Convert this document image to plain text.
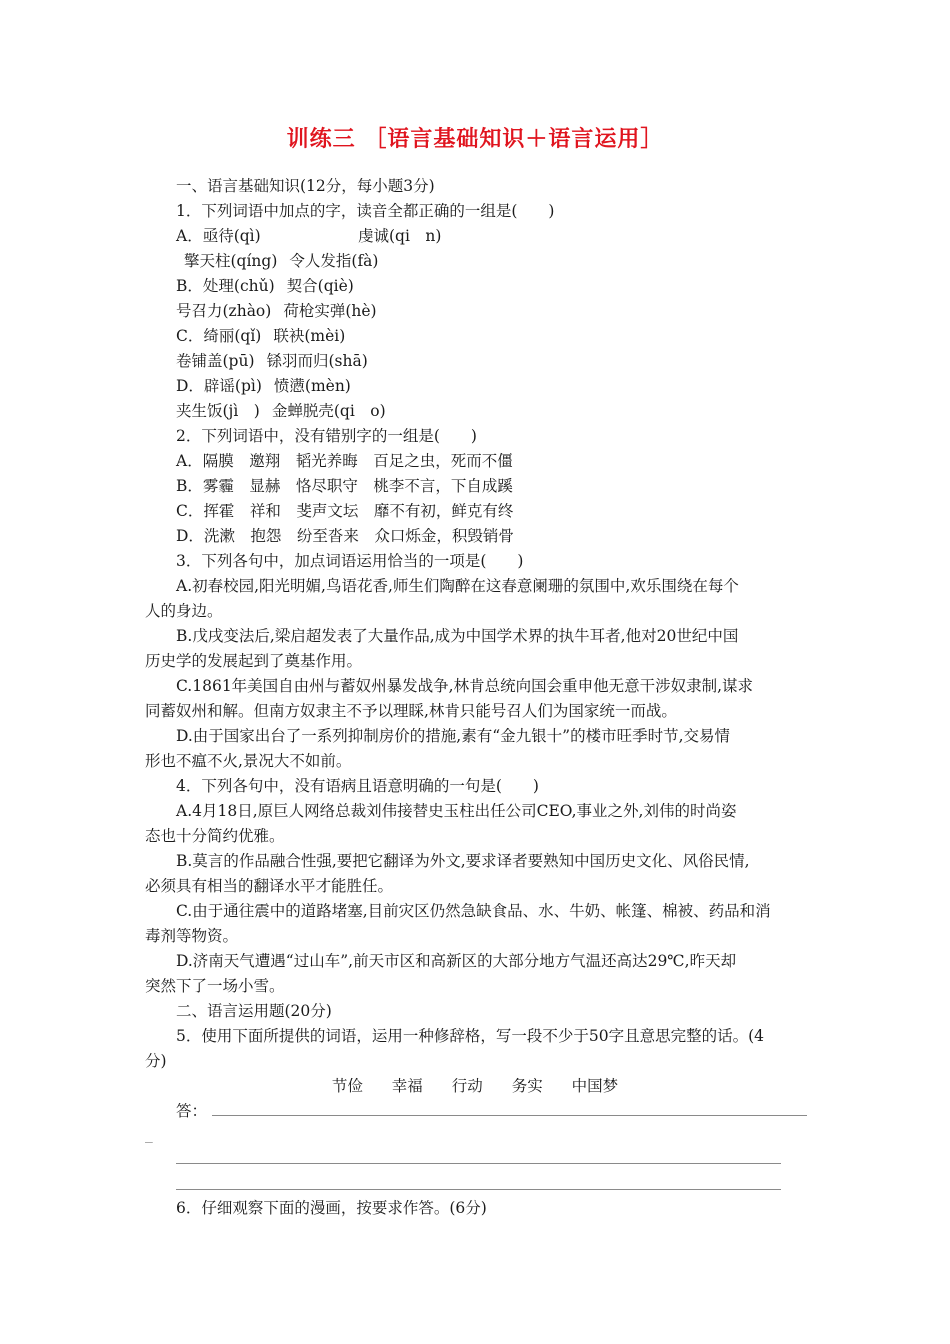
训练三 ［语言基础知识＋语言运用］
一、语言基础知识(12分，每小题3分)
1．下列词语中加点的字，读音全都正确的一组是(　　)
A．亟待(qì)	虔诚(qi　n)
擎天柱(qíng) 令人发指(fà)
B．处理(chǔ) 契合(qiè)
号召力(zhào) 荷枪实弹(hè)
C．绮丽(qǐ) 联袂(mèi)
卷铺盖(pū) 铩羽而归(shā)
D．辟谣(pì) 愤懑(mèn)
夹生饭(jì　) 金蝉脱壳(qi　o)
2．下列词语中，没有错别字的一组是(　　)
A．隔膜　邀翔　韬光养晦　百足之虫，死而不僵
B．雾霾　显赫　恪尽职守　桃李不言，下自成蹊
C．挥霍　祥和　斐声文坛　靡不有初，鲜克有终
D．洗漱　抱怨　纷至沓来　众口烁金，积毁销骨
3．下列各句中，加点词语运用恰当的一项是(　　)
A.初春校园,阳光明媚,鸟语花香,师生们陶醉在这春意阑珊的氛围中,欢乐围绕在每个
人的身边。
B.戊戌变法后,梁启超发表了大量作品,成为中国学术界的执牛耳者,他对20世纪中国
历史学的发展起到了奠基作用。
C.1861年美国自由州与蓄奴州暴发战争,林肯总统向国会重申他无意干涉奴隶制,谋求
同蓄奴州和解。但南方奴隶主不予以理睬,林肯只能号召人们为国家统一而战。
D.由于国家出台了一系列抑制房价的措施,素有“金九银十”的楼市旺季时节,交易情
形也不瘟不火,景况大不如前。
4．下列各句中，没有语病且语意明确的一句是(　　)
A.4月18日,原巨人网络总裁刘伟接替史玉柱出任公司CEO,事业之外,刘伟的时尚姿
态也十分简约优雅。
B.莫言的作品融合性强,要把它翻译为外文,要求译者要熟知中国历史文化、风俗民情,
必须具有相当的翻译水平才能胜任。
C.由于通往震中的道路堵塞,目前灾区仍然急缺食品、水、牛奶、帐篷、棉被、药品和消
毒剂等物资。
D.济南天气遭遇“过山车”,前天市区和高新区的大部分地方气温还高达29℃,昨天却
突然下了一场小雪。
二、语言运用题(20分)
5．使用下面所提供的词语，运用一种修辞格，写一段不少于50字且意思完整的话。(4
分)
节俭 幸福 行动 务实 中国梦
答：
_
6．仔细观察下面的漫画，按要求作答。(6分)
